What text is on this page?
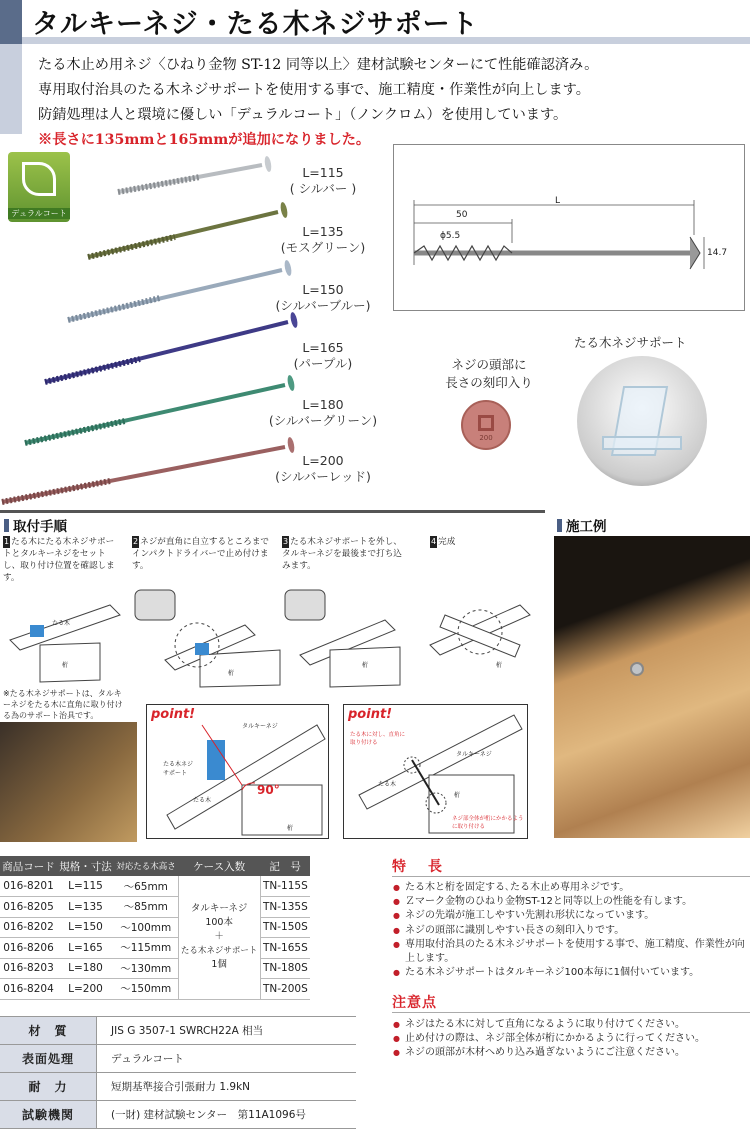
タルキーネジ・たる木ネジサポート
たる木止め用ネジ〈ひねり金物 ST-12 同等以上〉建材試験センターにて性能確認済み。
専用取付治具のたる木ネジサポートを使用する事で、施工精度・作業性が向上します。
防錆処理は人と環境に優しい「デュラルコート」（ノンクロム）を使用しています。
※長さに135mmと165mmが追加になりました。
デュラルコート
L=115
( シルバー )
L=135
(モスグリーン)
L=150
(シルバーブルー)
L=165
(パープル)
L=180
(シルバーグリーン)
L=200
(シルバーレッド)
L
50
ϕ5.5
14.7
ネジの頭部に
長さの刻印入り
200
たる木ネジサポート
取付手順
1 たる木にたる木ネジサポートとタルキーネジをセットし、取り付け位置を確認します。
2 ネジが直角に自立するところまでインパクトドライバーで止め付けます。
3 たる木ネジサポートを外し、タルキーネジを最後まで打ち込みます。
4 完成
たる木
桁
桁
桁	桁
※たる木ネジサポートは、タルキーネジをたる木に直角に取り付ける為のサポート治具です。	point!
タルキーネジ
たる木ネジ
サポート
たる木
桁
90°
point!
たる木に対し、直角に取り付ける
タルキーネジ
たる木
桁
ネジ部全体が桁にかかるように取り付ける
施工例
商品コード	規格・寸法	対応たる木高さ	ケース入数	記　号
016-8201	L=115	～65mm	タルキーネジ
100本
＋
たる木ネジサポート
1個	TN-115S
016-8205	L=135	～85mm		TN-135S
016-8202	L=150	～100mm		TN-150S
016-8206	L=165	～115mm		TN-165S
016-8203	L=180	～130mm		TN-180S
016-8204	L=200	～150mm		TN-200S
材　質	JIS G 3507-1 SWRCH22A 相当
表面処理	デュラルコート
耐　力	短期基準接合引張耐力 1.9kN
試験機関	(一財) 建材試験センター　第11A1096号
特　長
● たる木と桁を固定する､たる木止め専用ネジです。
● Ｚマーク金物のひねり金物ST-12と同等以上の性能を有します。
● ネジの先端が施工しやすい先割れ形状になっています。
● ネジの頭部に識別しやすい長さの刻印入りです。
● 専用取付治具のたる木ネジサポートを使用する事で、施工精度、作業性が向上します。
● たる木ネジサポートはタルキーネジ100本毎に1個付いています。
注意点
● ネジはたる木に対して直角になるように取り付けてください。
● 止め付けの際は、ネジ部全体が桁にかかるように行ってください。
● ネジの頭部が木材へめり込み過ぎないようにご注意ください。
